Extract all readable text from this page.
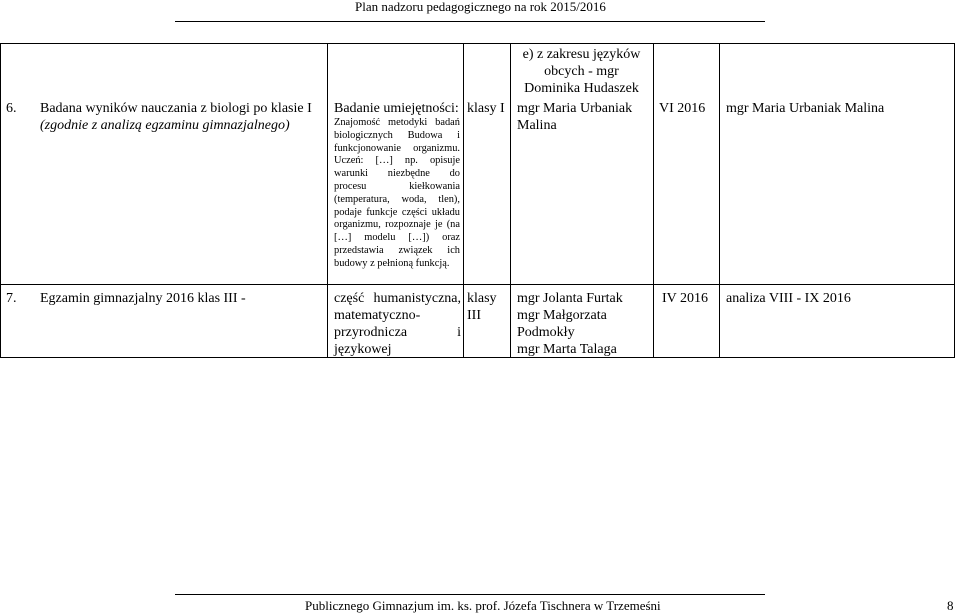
Plan nadzoru pedagogicznego na rok 2015/2016
e) z zakresu języków obcych - mgr Dominika Hudaszek
6. Badana wyników nauczania z biologi po klasie I
(zgodnie z analizą egzaminu gimnazjalnego)
Badanie umiejętności:
Znajomość metodyki badań biologicznych Budowa i funkcjonowanie organizmu. Uczeń: […] np. opisuje warunki niezbędne do procesu kiełkowania (temperatura, woda, tlen), podaje funkcje części układu organizmu, rozpoznaje je (na […] modelu […]) oraz przedstawia związek ich budowy z pełnioną funkcją.
klasy I mgr Maria Urbaniak Malina
VI 2016 mgr Maria Urbaniak Malina
7. Egzamin gimnazjalny 2016 klas III -	część humanistyczna, matematyczno- przyrodnicza i językowej
klasy III
mgr Jolanta Furtak
mgr Małgorzata Podmokły
mgr Marta Talaga
IV 2016 analiza VIII - IX 2016
Publicznego Gimnazjum im. ks. prof. Józefa Tischnera w Trzemeśni	8
